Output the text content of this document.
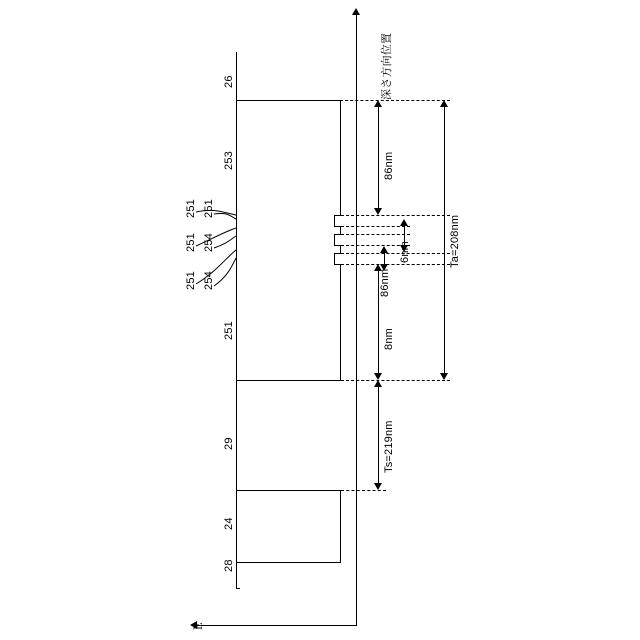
深さ方向位置
Ｅ
86nm
6nm
86nm
8nm
Ta=208nm
Ts=219nm
26
253
251
29
24
28
251 251
251 254
251 254
